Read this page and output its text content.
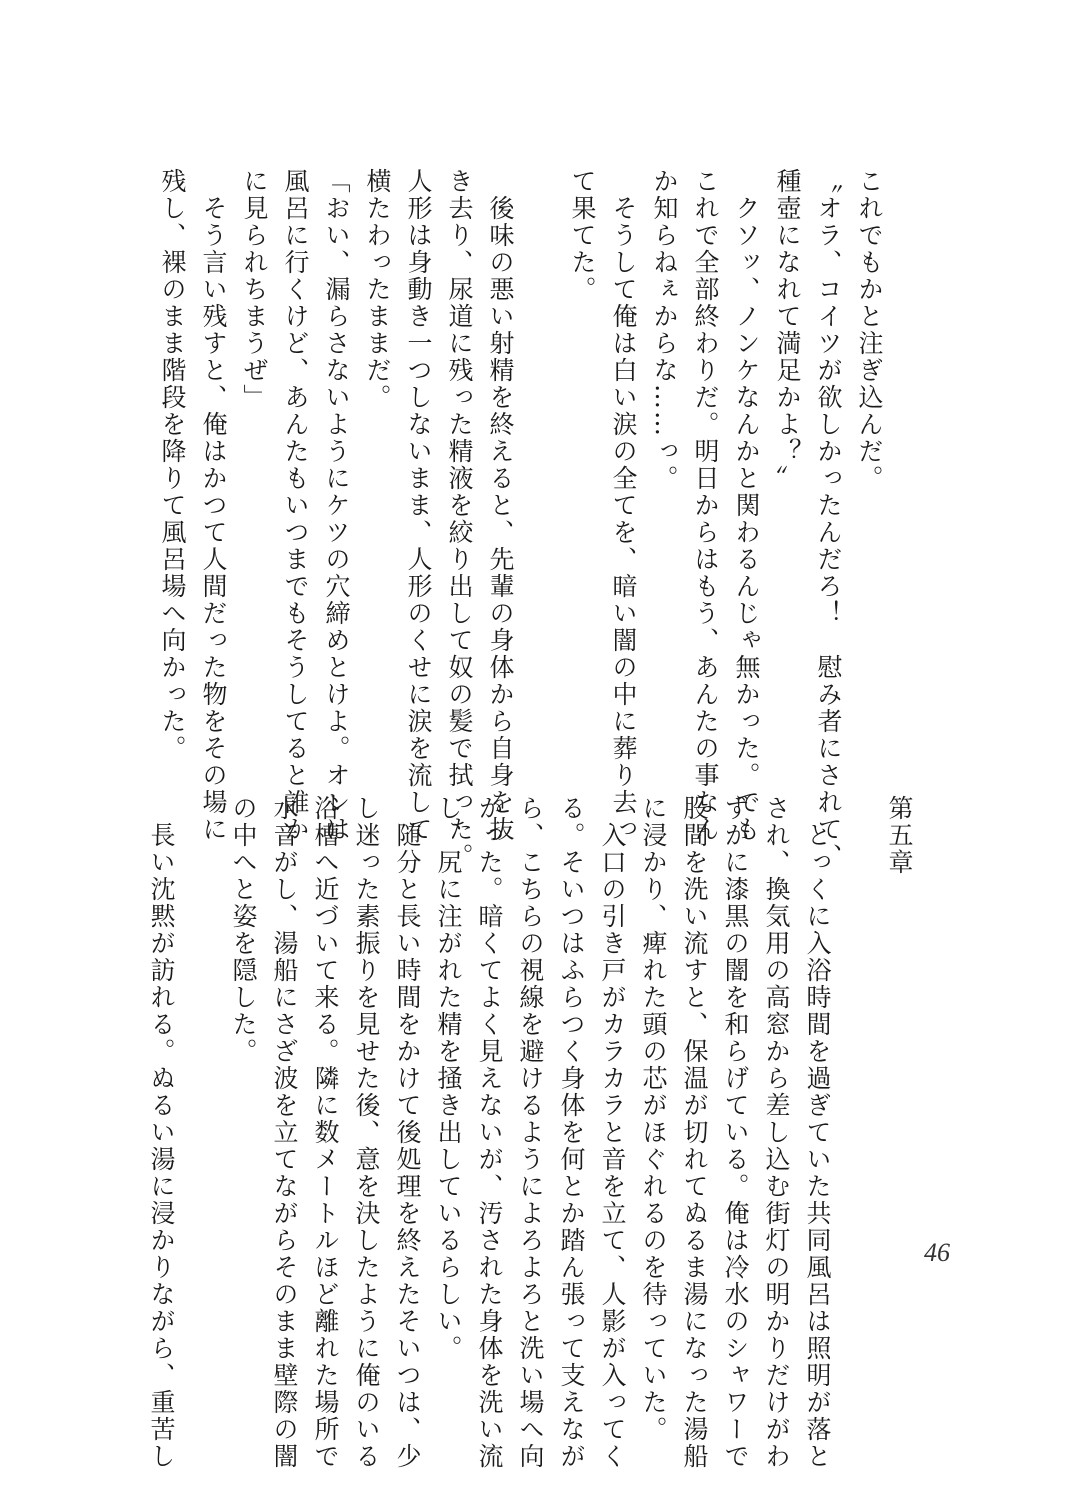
これでもかと注ぎ込んだ。
〝オラ、コイツが欲しかったんだろ！　慰み者にされて、
種壺になれて満足かよ？〟
　クソッ、ノンケなんかと関わるんじゃ無かった。でも
これで全部終わりだ。明日からはもう、あんたの事なん
か知らねぇからな……っ。
　そうして俺は白い涙の全てを、暗い闇の中に葬り去っ
て果てた。
　後味の悪い射精を終えると、先輩の身体から自身を抜
き去り、尿道に残った精液を絞り出して奴の髪で拭った。
人形は身動き一つしないまま、人形のくせに涙を流して
横たわったままだ。
「おい、漏らさないようにケツの穴締めとけよ。オレは
風呂に行くけど、あんたもいつまでもそうしてると誰か
に見られちまうぜ」
　そう言い残すと、俺はかつて人間だった物をその場に
残し、裸のまま階段を降りて風呂場へ向かった。
第五章
　とっくに入浴時間を過ぎていた共同風呂は照明が落と
され、換気用の高窓から差し込む街灯の明かりだけがわ
ずかに漆黒の闇を和らげている。俺は冷水のシャワーで
股間を洗い流すと、保温が切れてぬるま湯になった湯船
に浸かり、痺れた頭の芯がほぐれるのを待っていた。
　入口の引き戸がカラカラと音を立て、人影が入ってく
る。そいつはふらつく身体を何とか踏ん張って支えなが
ら、こちらの視線を避けるようによろよろと洗い場へ向
かった。暗くてよく見えないが、汚された身体を洗い流
し、尻に注がれた精を掻き出しているらしい。
　随分と長い時間をかけて後処理を終えたそいつは、少
し迷った素振りを見せた後、意を決したように俺のいる
浴槽へ近づいて来る。隣に数メートルほど離れた場所で
水音がし、湯船にさざ波を立てながらそのまま壁際の闇
の中へと姿を隠した。
　長い沈黙が訪れる。ぬるい湯に浸かりながら、重苦し	46
